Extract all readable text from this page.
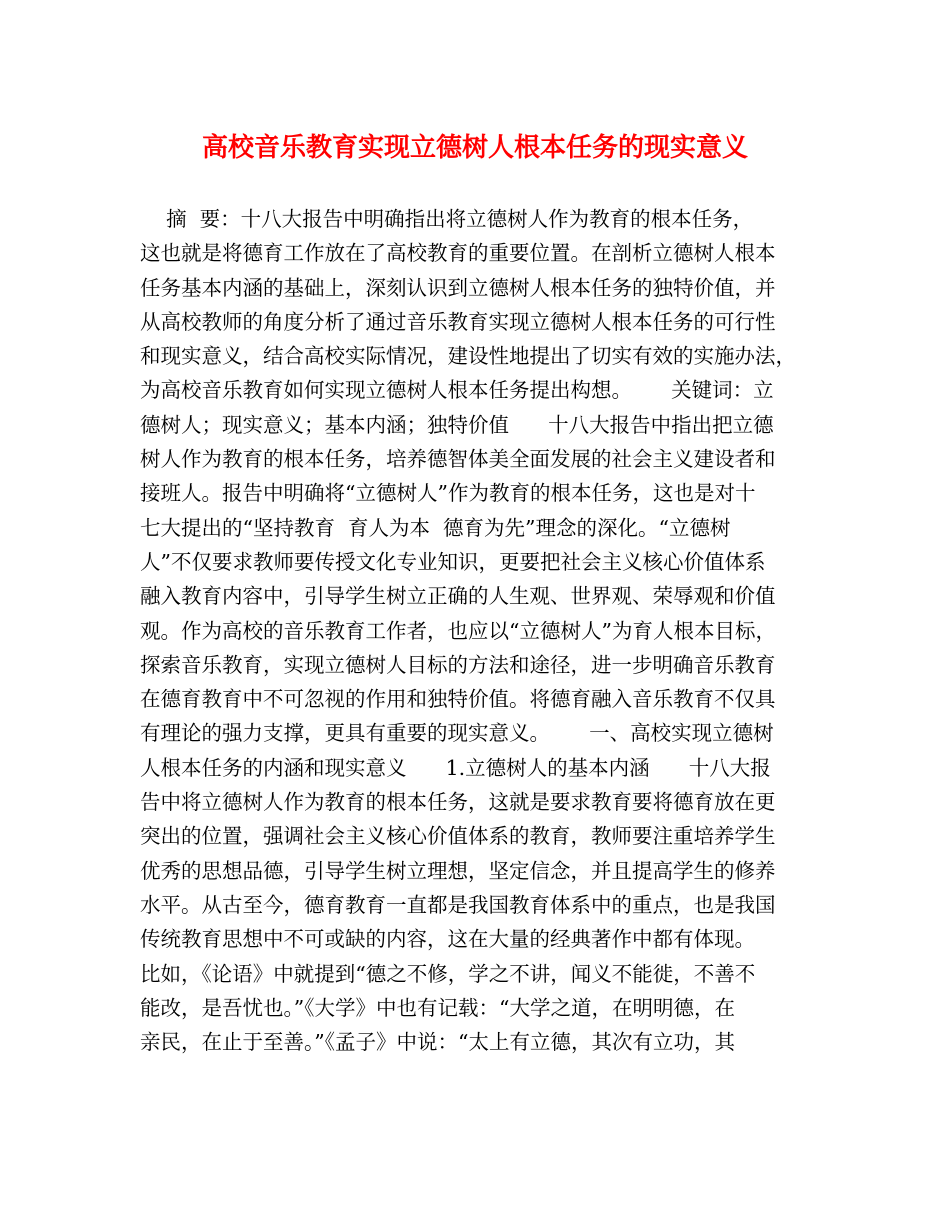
高校音乐教育实现立德树人根本任务的现实意义
摘  要：十八大报告中明确指出将立德树人作为教育的根本任务，
这也就是将德育工作放在了高校教育的重要位置。在剖析立德树人根本
任务基本内涵的基础上，深刻认识到立德树人根本任务的独特价值，并
从高校教师的角度分析了通过音乐教育实现立德树人根本任务的可行性
和现实意义，结合高校实际情况，建设性地提出了切实有效的实施办法，
为高校音乐教育如何实现立德树人根本任务提出构想。      关键词：立
德树人；现实意义；基本内涵；独特价值      十八大报告中指出把立德
树人作为教育的根本任务，培养德智体美全面发展的社会主义建设者和
接班人。报告中明确将“立德树人”作为教育的根本任务，这也是对十
七大提出的“坚持教育  育人为本  德育为先”理念的深化。“立德树
人”不仅要求教师要传授文化专业知识，更要把社会主义核心价值体系
融入教育内容中，引导学生树立正确的人生观、世界观、荣辱观和价值
观。作为高校的音乐教育工作者，也应以“立德树人”为育人根本目标，
探索音乐教育，实现立德树人目标的方法和途径，进一步明确音乐教育
在德育教育中不可忽视的作用和独特价值。将德育融入音乐教育不仅具
有理论的强力支撑，更具有重要的现实意义。      一、高校实现立德树
人根本任务的内涵和现实意义      1.立德树人的基本内涵      十八大报
告中将立德树人作为教育的根本任务，这就是要求教育要将德育放在更
突出的位置，强调社会主义核心价值体系的教育，教师要注重培养学生
优秀的思想品德，引导学生树立理想，坚定信念，并且提高学生的修养
水平。从古至今，德育教育一直都是我国教育体系中的重点，也是我国
传统教育思想中不可或缺的内容，这在大量的经典著作中都有体现。
比如，《论语》中就提到“德之不修，学之不讲，闻义不能徙，不善不
能改，是吾忧也。”《大学》中也有记载：“大学之道，在明明德，在
亲民，在止于至善。”《孟子》中说：“太上有立德，其次有立功，其
